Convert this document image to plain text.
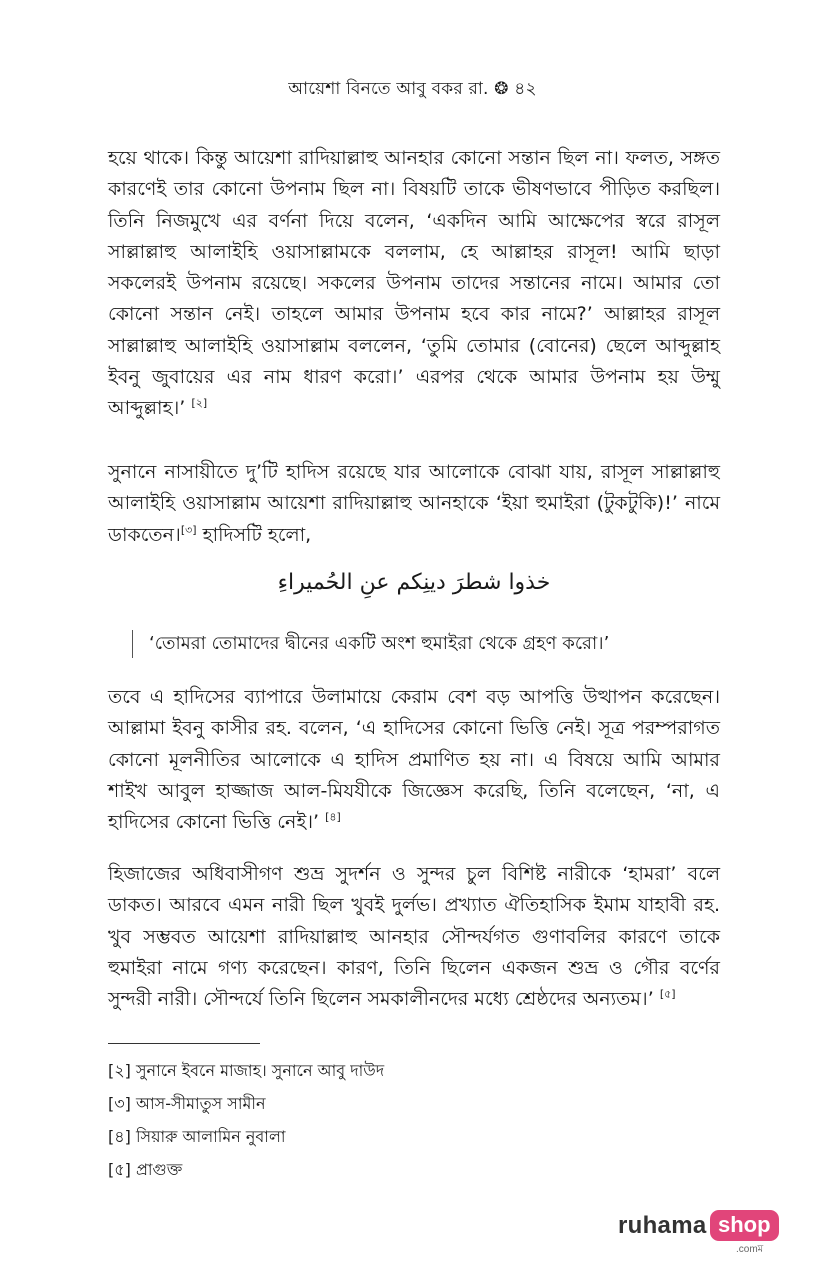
আয়েশা বিনতে আবু বকর রা. ❂ ৪২

হয়ে থাকে। কিন্তু আয়েশা রাদিয়াল্লাহু আনহার কোনো সন্তান ছিল না। ফলত, সঙ্গত কারণেই তার কোনো উপনাম ছিল না। বিষয়টি তাকে ভীষণভাবে পীড়িত করছিল। তিনি নিজমুখে এর বর্ণনা দিয়ে বলেন, ‘একদিন আমি আক্ষেপের স্বরে রাসূল সাল্লাল্লাহু আলাইহি ওয়াসাল্লামকে বললাম, হে আল্লাহর রাসূল! আমি ছাড়া সকলেরই উপনাম রয়েছে। সকলের উপনাম তাদের সন্তানের নামে। আমার তো কোনো সন্তান নেই। তাহলে আমার উপনাম হবে কার নামে?’ আল্লাহর রাসূল সাল্লাল্লাহু আলাইহি ওয়াসাল্লাম বললেন, ‘তুমি তোমার (বোনের) ছেলে আব্দুল্লাহ ইবনু জুবায়ের এর নাম ধারণ করো।’ এরপর থেকে আমার উপনাম হয় উম্মু আব্দুল্লাহ।’ [২]

সুনানে নাসায়ীতে দু’টি হাদিস রয়েছে যার আলোকে বোঝা যায়, রাসূল সাল্লাল্লাহু আলাইহি ওয়াসাল্লাম আয়েশা রাদিয়াল্লাহু আনহাকে ‘ইয়া হুমাইরা (টুকটুকি)!’ নামে ডাকতেন।[৩] হাদিসটি হলো,

خذوا شطرَ دينِكم عنِ الحُميراءِ
‘তোমরা তোমাদের দ্বীনের একটি অংশ হুমাইরা থেকে গ্রহণ করো।’

তবে এ হাদিসের ব্যাপারে উলামায়ে কেরাম বেশ বড় আপত্তি উত্থাপন করেছেন। আল্লামা ইবনু কাসীর রহ. বলেন, ‘এ হাদিসের কোনো ভিত্তি নেই। সূত্র পরম্পরাগত কোনো মূলনীতির আলোকে এ হাদিস প্রমাণিত হয় না। এ বিষয়ে আমি আমার শাইখ আবুল হাজ্জাজ আল-মিযযীকে জিজ্ঞেস করেছি, তিনি বলেছেন, ‘না, এ হাদিসের কোনো ভিত্তি নেই।’ [৪]

হিজাজের অধিবাসীগণ শুভ্র সুদর্শন ও সুন্দর চুল বিশিষ্ট নারীকে ‘হামরা’ বলে ডাকত। আরবে এমন নারী ছিল খুবই দুর্লভ। প্রখ্যাত ঐতিহাসিক ইমাম যাহাবী রহ. খুব সম্ভবত আয়েশা রাদিয়াল্লাহু আনহার সৌন্দর্যগত গুণাবলির কারণে তাকে হুমাইরা নামে গণ্য করেছেন। কারণ, তিনি ছিলেন একজন শুভ্র ও গৌর বর্ণের সুন্দরী নারী। সৌন্দর্যে তিনি ছিলেন সমকালীনদের মধ্যে শ্রেষ্ঠদের অন্যতম।’ [৫]

[২] সুনানে ইবনে মাজাহ। সুনানে আবু দাউদ
[৩] আস-সীমাতুস সামীন
[৪] সিয়ারু আলামিন নুবালা
[৫] প্রাগুক্ত
ruhama shop
.comম
